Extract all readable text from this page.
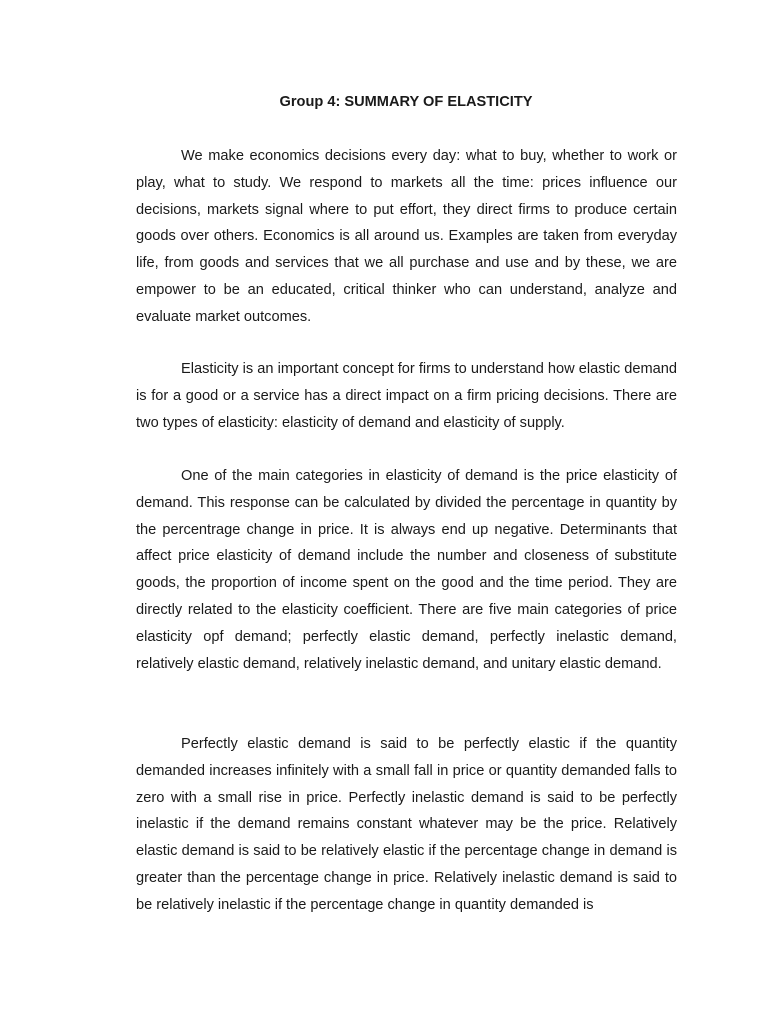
Group 4: SUMMARY OF ELASTICITY

We make economics decisions every day: what to buy, whether to work or play, what to study. We respond to markets all the time: prices influence our decisions, markets signal where to put effort, they direct firms to produce certain goods over others. Economics is all around us. Examples are taken from everyday life, from goods and services that we all purchase and use and by these, we are empower to be an educated, critical thinker who can understand, analyze and evaluate market outcomes.

Elasticity is an important concept for firms to understand how elastic demand is for a good or a service has a direct impact on a firm pricing decisions. There are two types of elasticity: elasticity of demand and elasticity of supply.

One of the main categories in elasticity of demand is the price elasticity of demand. This response can be calculated by divided the percentage in quantity by the percentrage change in price. It is always end up negative. Determinants that affect price elasticity of demand include the number and closeness of substitute goods, the proportion of income spent on the good and the time period. They are directly related to the elasticity coefficient. There are five main categories of price elasticity opf demand; perfectly elastic demand, perfectly inelastic demand, relatively elastic demand, relatively inelastic demand, and unitary elastic demand.

Perfectly elastic demand is said to be perfectly elastic if the quantity demanded increases infinitely with a small fall in price or quantity demanded falls to zero with a small rise in price. Perfectly inelastic demand is said to be perfectly inelastic if the demand remains constant whatever may be the price. Relatively elastic demand is said to be relatively elastic if the percentage change in demand is greater than the percentage change in price. Relatively inelastic demand is said to be relatively inelastic if the percentage change in quantity demanded is
